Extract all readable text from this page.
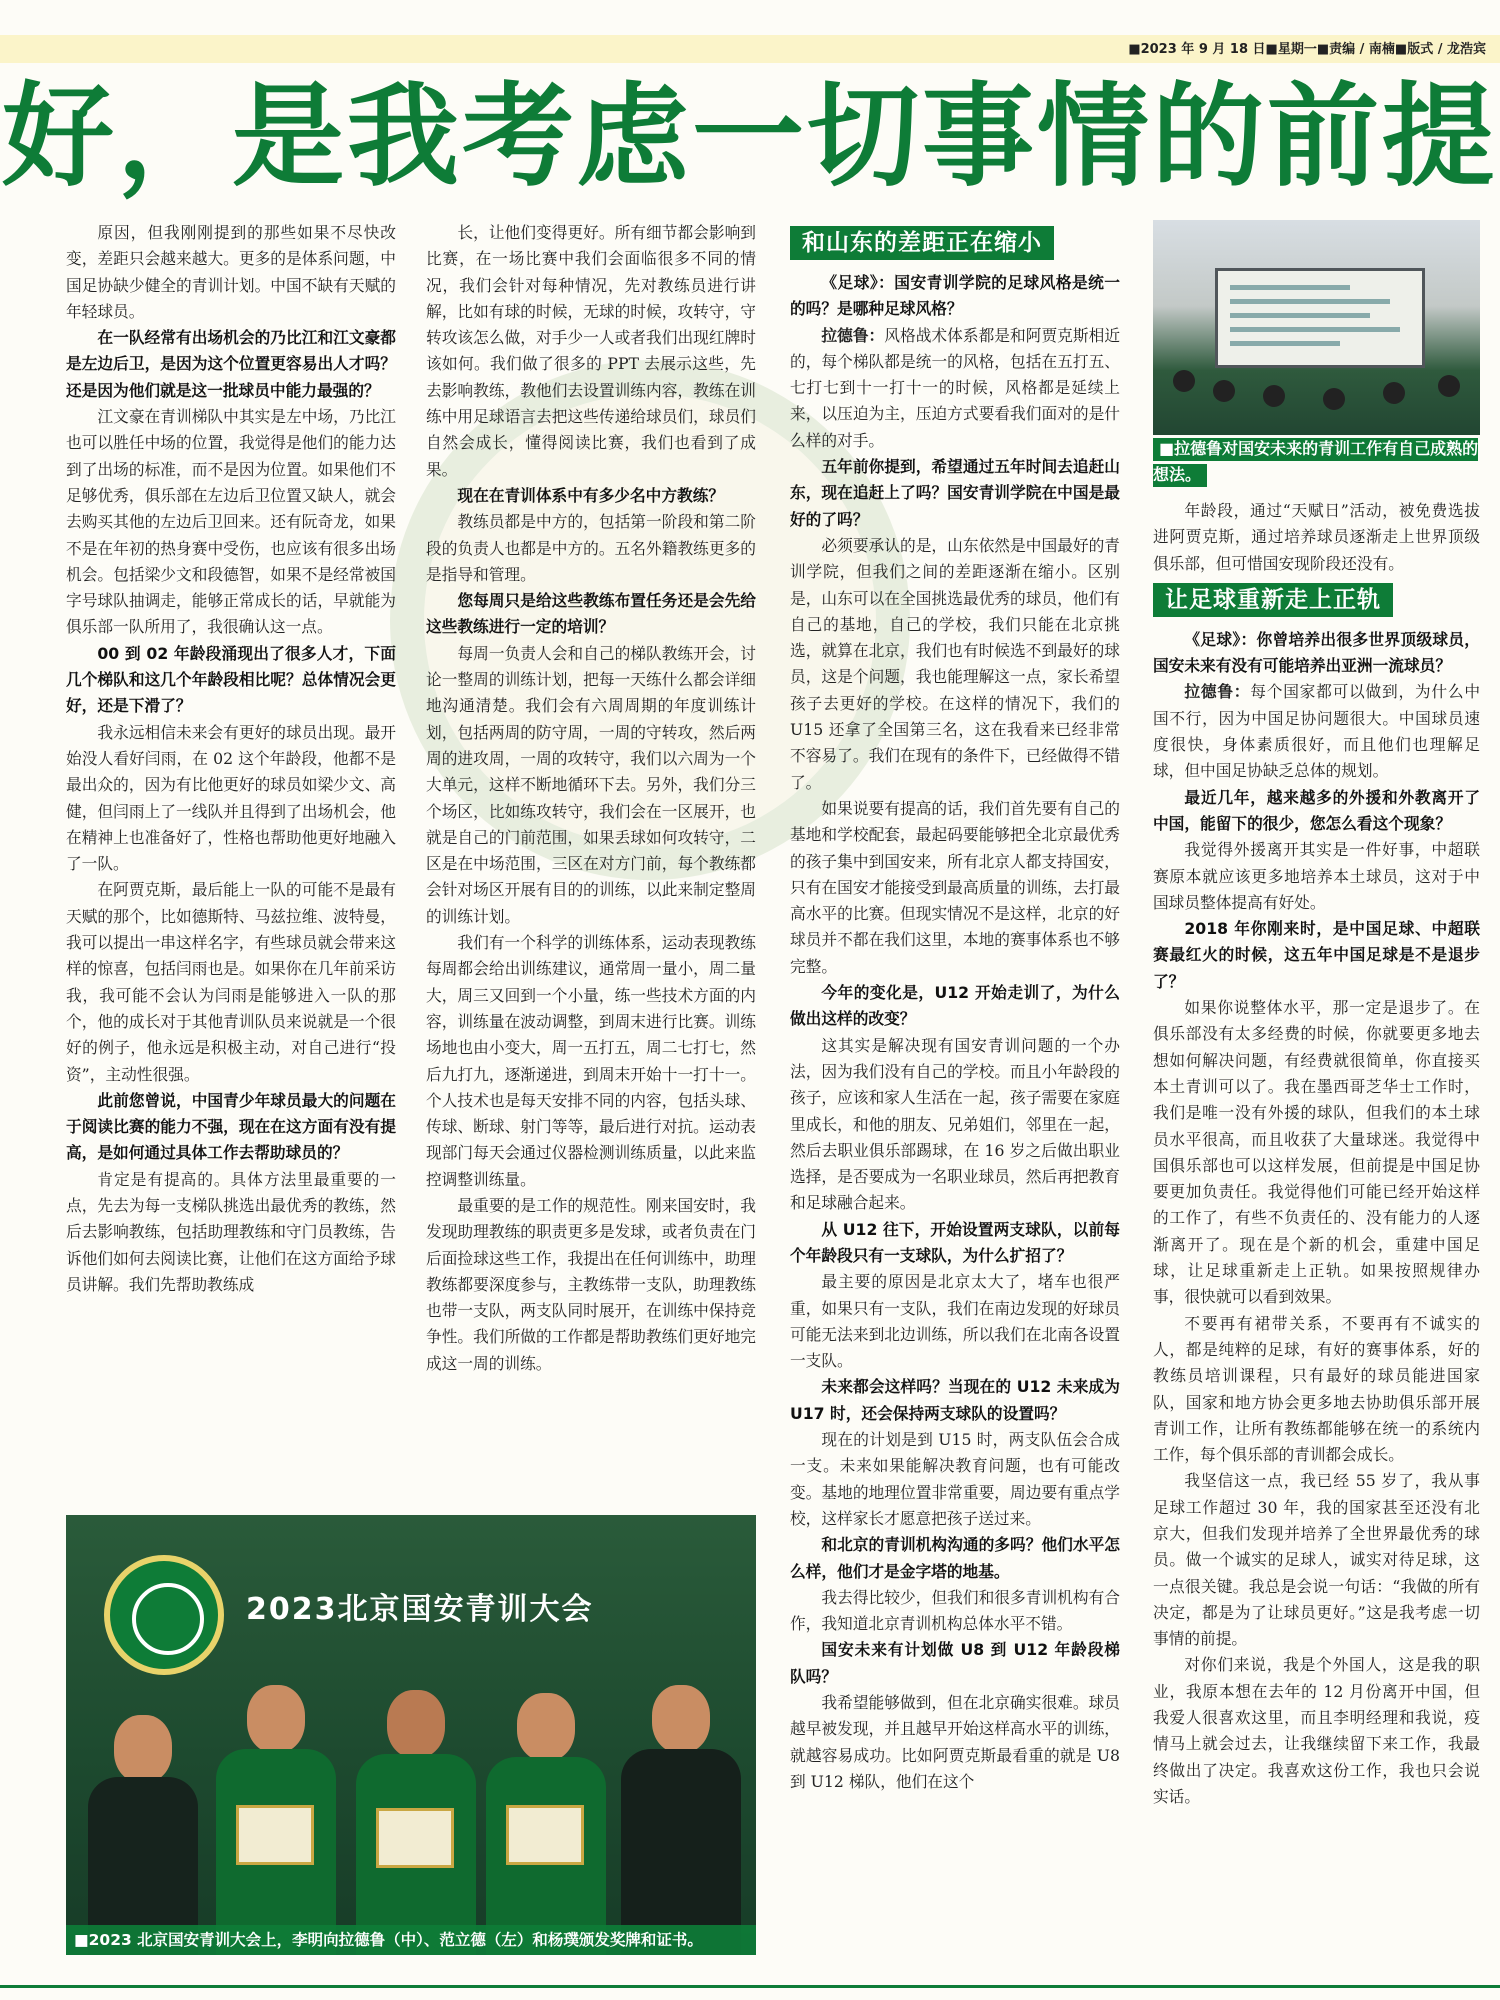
■2023 年 9 月 18 日■星期一■责编 / 南楠■版式 / 龙浩宾
好，是我考虑一切事情的前提

原因，但我刚刚提到的那些如果不尽快改变，差距只会越来越大。更多的是体系问题，中国足协缺少健全的青训计划。中国不缺有天赋的年轻球员。

在一队经常有出场机会的乃比江和江文豪都是左边后卫，是因为这个位置更容易出人才吗？还是因为他们就是这一批球员中能力最强的？

江文豪在青训梯队中其实是左中场，乃比江也可以胜任中场的位置，我觉得是他们的能力达到了出场的标准，而不是因为位置。如果他们不足够优秀，俱乐部在左边后卫位置又缺人，就会去购买其他的左边后卫回来。还有阮奇龙，如果不是在年初的热身赛中受伤，也应该有很多出场机会。包括梁少文和段德智，如果不是经常被国字号球队抽调走，能够正常成长的话，早就能为俱乐部一队所用了，我很确认这一点。

00 到 02 年龄段涌现出了很多人才，下面几个梯队和这几个年龄段相比呢？总体情况会更好，还是下滑了？

我永远相信未来会有更好的球员出现。最开始没人看好闫雨，在 02 这个年龄段，他都不是最出众的，因为有比他更好的球员如梁少文、高健，但闫雨上了一线队并且得到了出场机会，他在精神上也准备好了，性格也帮助他更好地融入了一队。

在阿贾克斯，最后能上一队的可能不是最有天赋的那个，比如德斯特、马兹拉维、波特曼，我可以提出一串这样名字，有些球员就会带来这样的惊喜，包括闫雨也是。如果你在几年前采访我，我可能不会认为闫雨是能够进入一队的那个，他的成长对于其他青训队员来说就是一个很好的例子，他永远是积极主动，对自己进行“投资”，主动性很强。

此前您曾说，中国青少年球员最大的问题在于阅读比赛的能力不强，现在在这方面有没有提高，是如何通过具体工作去帮助球员的？

肯定是有提高的。具体方法里最重要的一点，先去为每一支梯队挑选出最优秀的教练，然后去影响教练，包括助理教练和守门员教练，告诉他们如何去阅读比赛，让他们在这方面给予球员讲解。我们先帮助教练成

长，让他们变得更好。所有细节都会影响到比赛，在一场比赛中我们会面临很多不同的情况，我们会针对每种情况，先对教练员进行讲解，比如有球的时候，无球的时候，攻转守，守转攻该怎么做，对手少一人或者我们出现红牌时该如何。我们做了很多的 PPT 去展示这些，先去影响教练，教他们去设置训练内容，教练在训练中用足球语言去把这些传递给球员们，球员们自然会成长，懂得阅读比赛，我们也看到了成果。

现在在青训体系中有多少名中方教练？

教练员都是中方的，包括第一阶段和第二阶段的负责人也都是中方的。五名外籍教练更多的是指导和管理。

您每周只是给这些教练布置任务还是会先给这些教练进行一定的培训？

每周一负责人会和自己的梯队教练开会，讨论一整周的训练计划，把每一天练什么都会详细地沟通清楚。我们会有六周周期的年度训练计划，包括两周的防守周，一周的守转攻，然后两周的进攻周，一周的攻转守，我们以六周为一个大单元，这样不断地循环下去。另外，我们分三个场区，比如练攻转守，我们会在一区展开，也就是自己的门前范围，如果丢球如何攻转守，二区是在中场范围，三区在对方门前，每个教练都会针对场区开展有目的的训练，以此来制定整周的训练计划。

我们有一个科学的训练体系，运动表现教练每周都会给出训练建议，通常周一量小，周二量大，周三又回到一个小量，练一些技术方面的内容，训练量在波动调整，到周末进行比赛。训练场地也由小变大，周一五打五，周二七打七，然后九打九，逐渐递进，到周末开始十一打十一。个人技术也是每天安排不同的内容，包括头球、传球、断球、射门等等，最后进行对抗。运动表现部门每天会通过仪器检测训练质量，以此来监控调整训练量。

最重要的是工作的规范性。刚来国安时，我发现助理教练的职责更多是发球，或者负责在门后面捡球这些工作，我提出在任何训练中，助理教练都要深度参与，主教练带一支队，助理教练也带一支队，两支队同时展开，在训练中保持竞争性。我们所做的工作都是帮助教练们更好地完成这一周的训练。

和山东的差距正在缩小

《足球》：国安青训学院的足球风格是统一的吗？是哪种足球风格？

拉德鲁：风格战术体系都是和阿贾克斯相近的，每个梯队都是统一的风格，包括在五打五、七打七到十一打十一的时候，风格都是延续上来，以压迫为主，压迫方式要看我们面对的是什么样的对手。

五年前你提到，希望通过五年时间去追赶山东，现在追赶上了吗？国安青训学院在中国是最好的了吗？

必须要承认的是，山东依然是中国最好的青训学院，但我们之间的差距逐渐在缩小。区别是，山东可以在全国挑选最优秀的球员，他们有自己的基地，自己的学校，我们只能在北京挑选，就算在北京，我们也有时候选不到最好的球员，这是个问题，我也能理解这一点，家长希望孩子去更好的学校。在这样的情况下，我们的 U15 还拿了全国第三名，这在我看来已经非常不容易了。我们在现有的条件下，已经做得不错了。

如果说要有提高的话，我们首先要有自己的基地和学校配套，最起码要能够把全北京最优秀的孩子集中到国安来，所有北京人都支持国安，只有在国安才能接受到最高质量的训练，去打最高水平的比赛。但现实情况不是这样，北京的好球员并不都在我们这里，本地的赛事体系也不够完整。

今年的变化是，U12 开始走训了，为什么做出这样的改变？

这其实是解决现有国安青训问题的一个办法，因为我们没有自己的学校。而且小年龄段的孩子，应该和家人生活在一起，孩子需要在家庭里成长，和他的朋友、兄弟姐们，邻里在一起，然后去职业俱乐部踢球，在 16 岁之后做出职业选择，是否要成为一名职业球员，然后再把教育和足球融合起来。

从 U12 往下，开始设置两支球队，以前每个年龄段只有一支球队，为什么扩招了？

最主要的原因是北京太大了，堵车也很严重，如果只有一支队，我们在南边发现的好球员可能无法来到北边训练，所以我们在北南各设置一支队。

未来都会这样吗？当现在的 U12 未来成为 U17 时，还会保持两支球队的设置吗？

现在的计划是到 U15 时，两支队伍会合成一支。未来如果能解决教育问题，也有可能改变。基地的地理位置非常重要，周边要有重点学校，这样家长才愿意把孩子送过来。

和北京的青训机构沟通的多吗？他们水平怎么样，他们才是金字塔的地基。

我去得比较少，但我们和很多青训机构有合作，我知道北京青训机构总体水平不错。

国安未来有计划做 U8 到 U12 年龄段梯队吗？

我希望能够做到，但在北京确实很难。球员越早被发现，并且越早开始这样高水平的训练，就越容易成功。比如阿贾克斯最看重的就是 U8 到 U12 梯队，他们在这个

■拉德鲁对国安未来的青训工作有自己成熟的想法。

年龄段，通过“天赋日”活动，被免费选拔进阿贾克斯，通过培养球员逐渐走上世界顶级俱乐部，但可惜国安现阶段还没有。

让足球重新走上正轨

《足球》：你曾培养出很多世界顶级球员，国安未来有没有可能培养出亚洲一流球员？

拉德鲁：每个国家都可以做到，为什么中国不行，因为中国足协问题很大。中国球员速度很快，身体素质很好，而且他们也理解足球，但中国足协缺乏总体的规划。

最近几年，越来越多的外援和外教离开了中国，能留下的很少，您怎么看这个现象？

我觉得外援离开其实是一件好事，中超联赛原本就应该更多地培养本土球员，这对于中国球员整体提高有好处。

2018 年你刚来时，是中国足球、中超联赛最红火的时候，这五年中国足球是不是退步了？

如果你说整体水平，那一定是退步了。在俱乐部没有太多经费的时候，你就要更多地去想如何解决问题，有经费就很简单，你直接买本土青训可以了。我在墨西哥芝华士工作时，我们是唯一没有外援的球队，但我们的本土球员水平很高，而且收获了大量球迷。我觉得中国俱乐部也可以这样发展，但前提是中国足协要更加负责任。我觉得他们可能已经开始这样的工作了，有些不负责任的、没有能力的人逐渐离开了。现在是个新的机会，重建中国足球，让足球重新走上正轨。如果按照规律办事，很快就可以看到效果。

不要再有裙带关系，不要再有不诚实的人，都是纯粹的足球，有好的赛事体系，好的教练员培训课程，只有最好的球员能进国家队，国家和地方协会更多地去协助俱乐部开展青训工作，让所有教练都能够在统一的系统内工作，每个俱乐部的青训都会成长。

我坚信这一点，我已经 55 岁了，我从事足球工作超过 30 年，我的国家甚至还没有北京大，但我们发现并培养了全世界最优秀的球员。做一个诚实的足球人，诚实对待足球，这一点很关键。我总是会说一句话：“我做的所有决定，都是为了让球员更好。”这是我考虑一切事情的前提。

对你们来说，我是个外国人，这是我的职业，我原本想在去年的 12 月份离开中国，但我爱人很喜欢这里，而且李明经理和我说，疫情马上就会过去，让我继续留下来工作，我最终做出了决定。我喜欢这份工作，我也只会说实话。

2023北京国安青训大会
■2023 北京国安青训大会上，李明向拉德鲁（中）、范立德（左）和杨璞颁发奖牌和证书。
